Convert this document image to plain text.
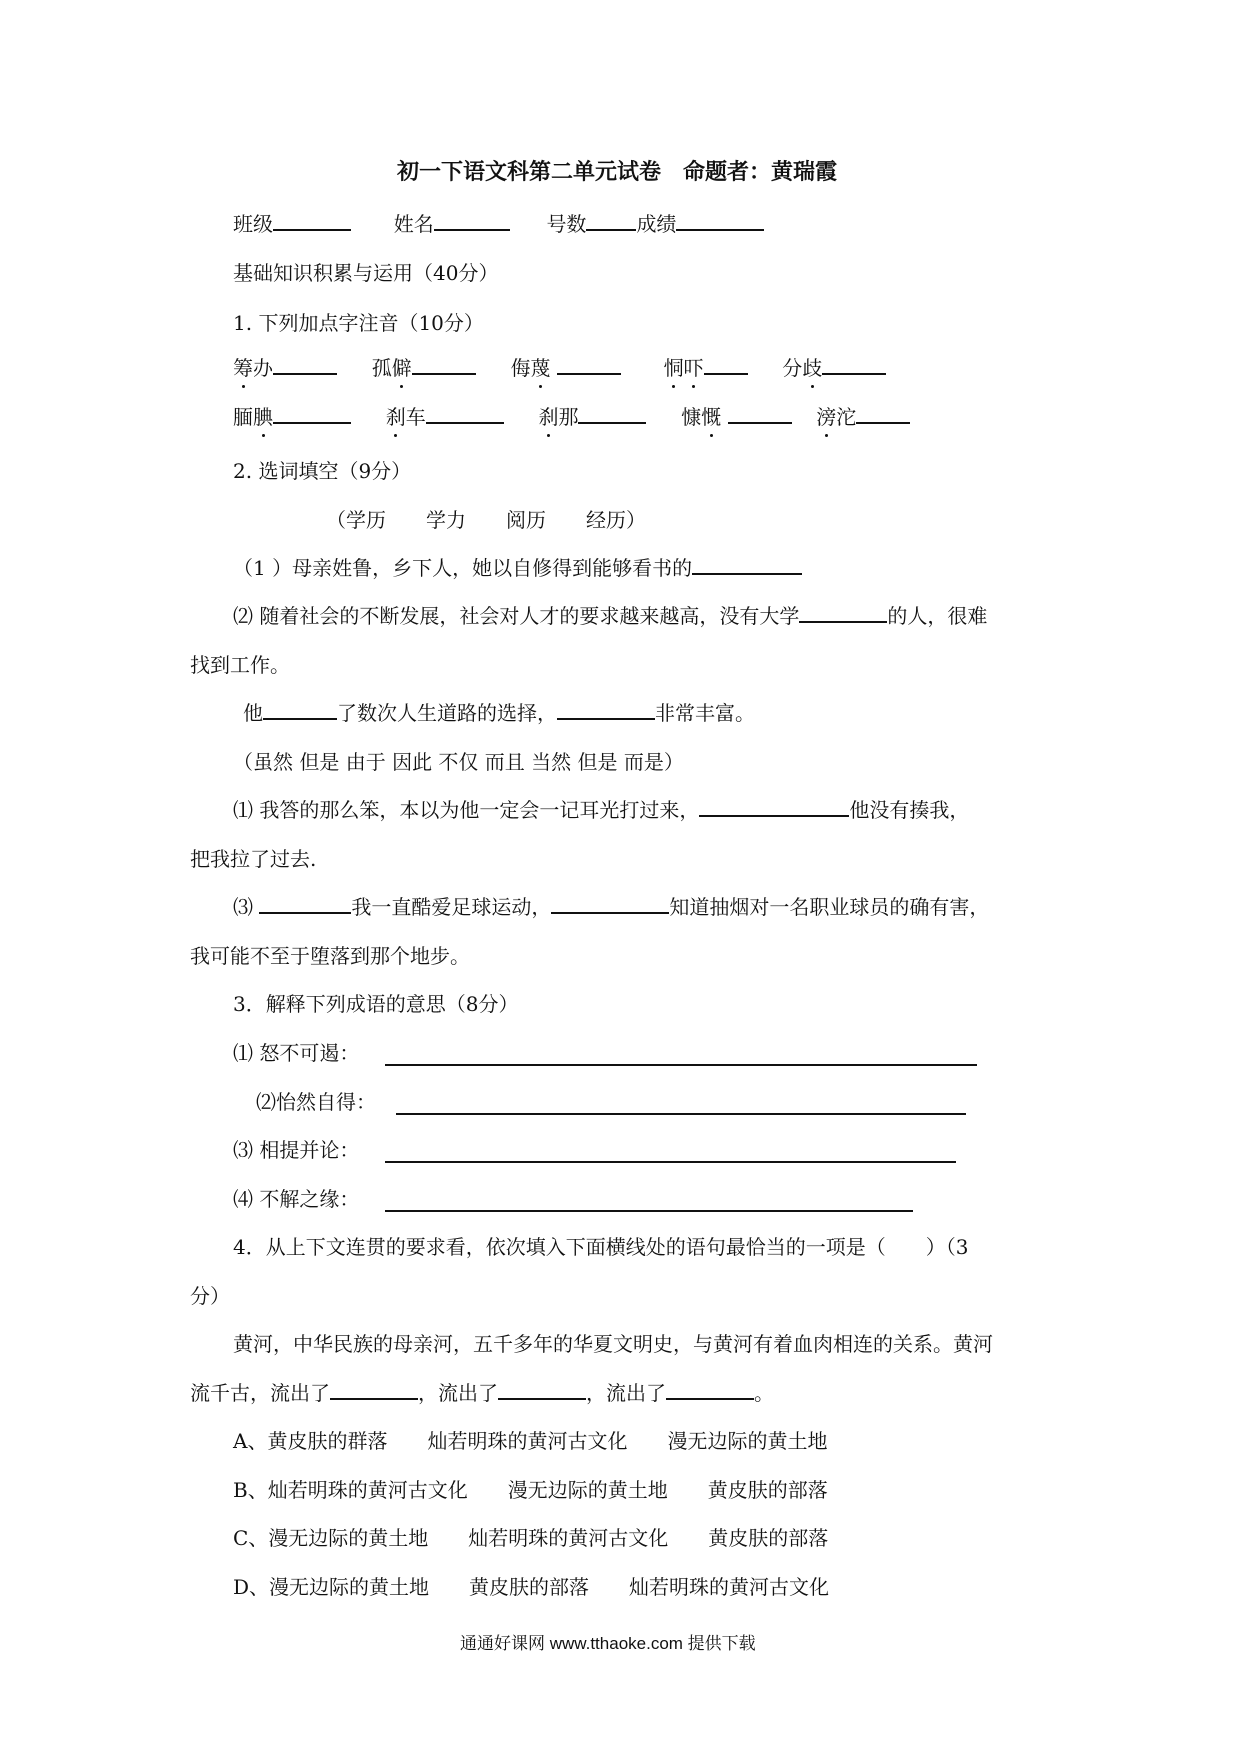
初一下语文科第二单元试卷　命题者：黄瑞霞
班级	姓名	号数	成绩
基础知识积累与运用（40分）
1. 下列加点字注音（10分）
筹办	孤僻	侮蔑	恫吓	分歧
腼腆	刹车	刹那	慷慨	滂沱
2. 选词填空（9分）
（学历　　学力　　阅历　　经历）
（1 ）母亲姓鲁，乡下人，她以自修得到能够看书的
⑵ 随着社会的不断发展，社会对人才的要求越来越高，没有大学	的人，很难
找到工作。
他	了数次人生道路的选择，	非常丰富。
（虽然 但是 由于 因此 不仅 而且 当然 但是 而是）
⑴ 我答的那么笨，本以为他一定会一记耳光打过来，	他没有揍我，
把我拉了过去.
⑶	我一直酷爱足球运动，	知道抽烟对一名职业球员的确有害，
我可能不至于堕落到那个地步。
3．解释下列成语的意思（8分）
⑴ 怒不可遏：
⑵怡然自得：
⑶ 相提并论：
⑷ 不解之缘：
4．从上下文连贯的要求看，依次填入下面横线处的语句最恰当的一项是（　　）（3
分）
黄河，中华民族的母亲河，五千多年的华夏文明史，与黄河有着血肉相连的关系。黄河
流千古，流出了	，流出了	，流出了	。
A、黄皮肤的群落　　灿若明珠的黄河古文化　　漫无边际的黄土地
B、灿若明珠的黄河古文化　　漫无边际的黄土地　　黄皮肤的部落
C、漫无边际的黄土地　　灿若明珠的黄河古文化　　黄皮肤的部落
D、漫无边际的黄土地　　黄皮肤的部落　　灿若明珠的黄河古文化
通通好课网 www.tthaoke.com 提供下载
